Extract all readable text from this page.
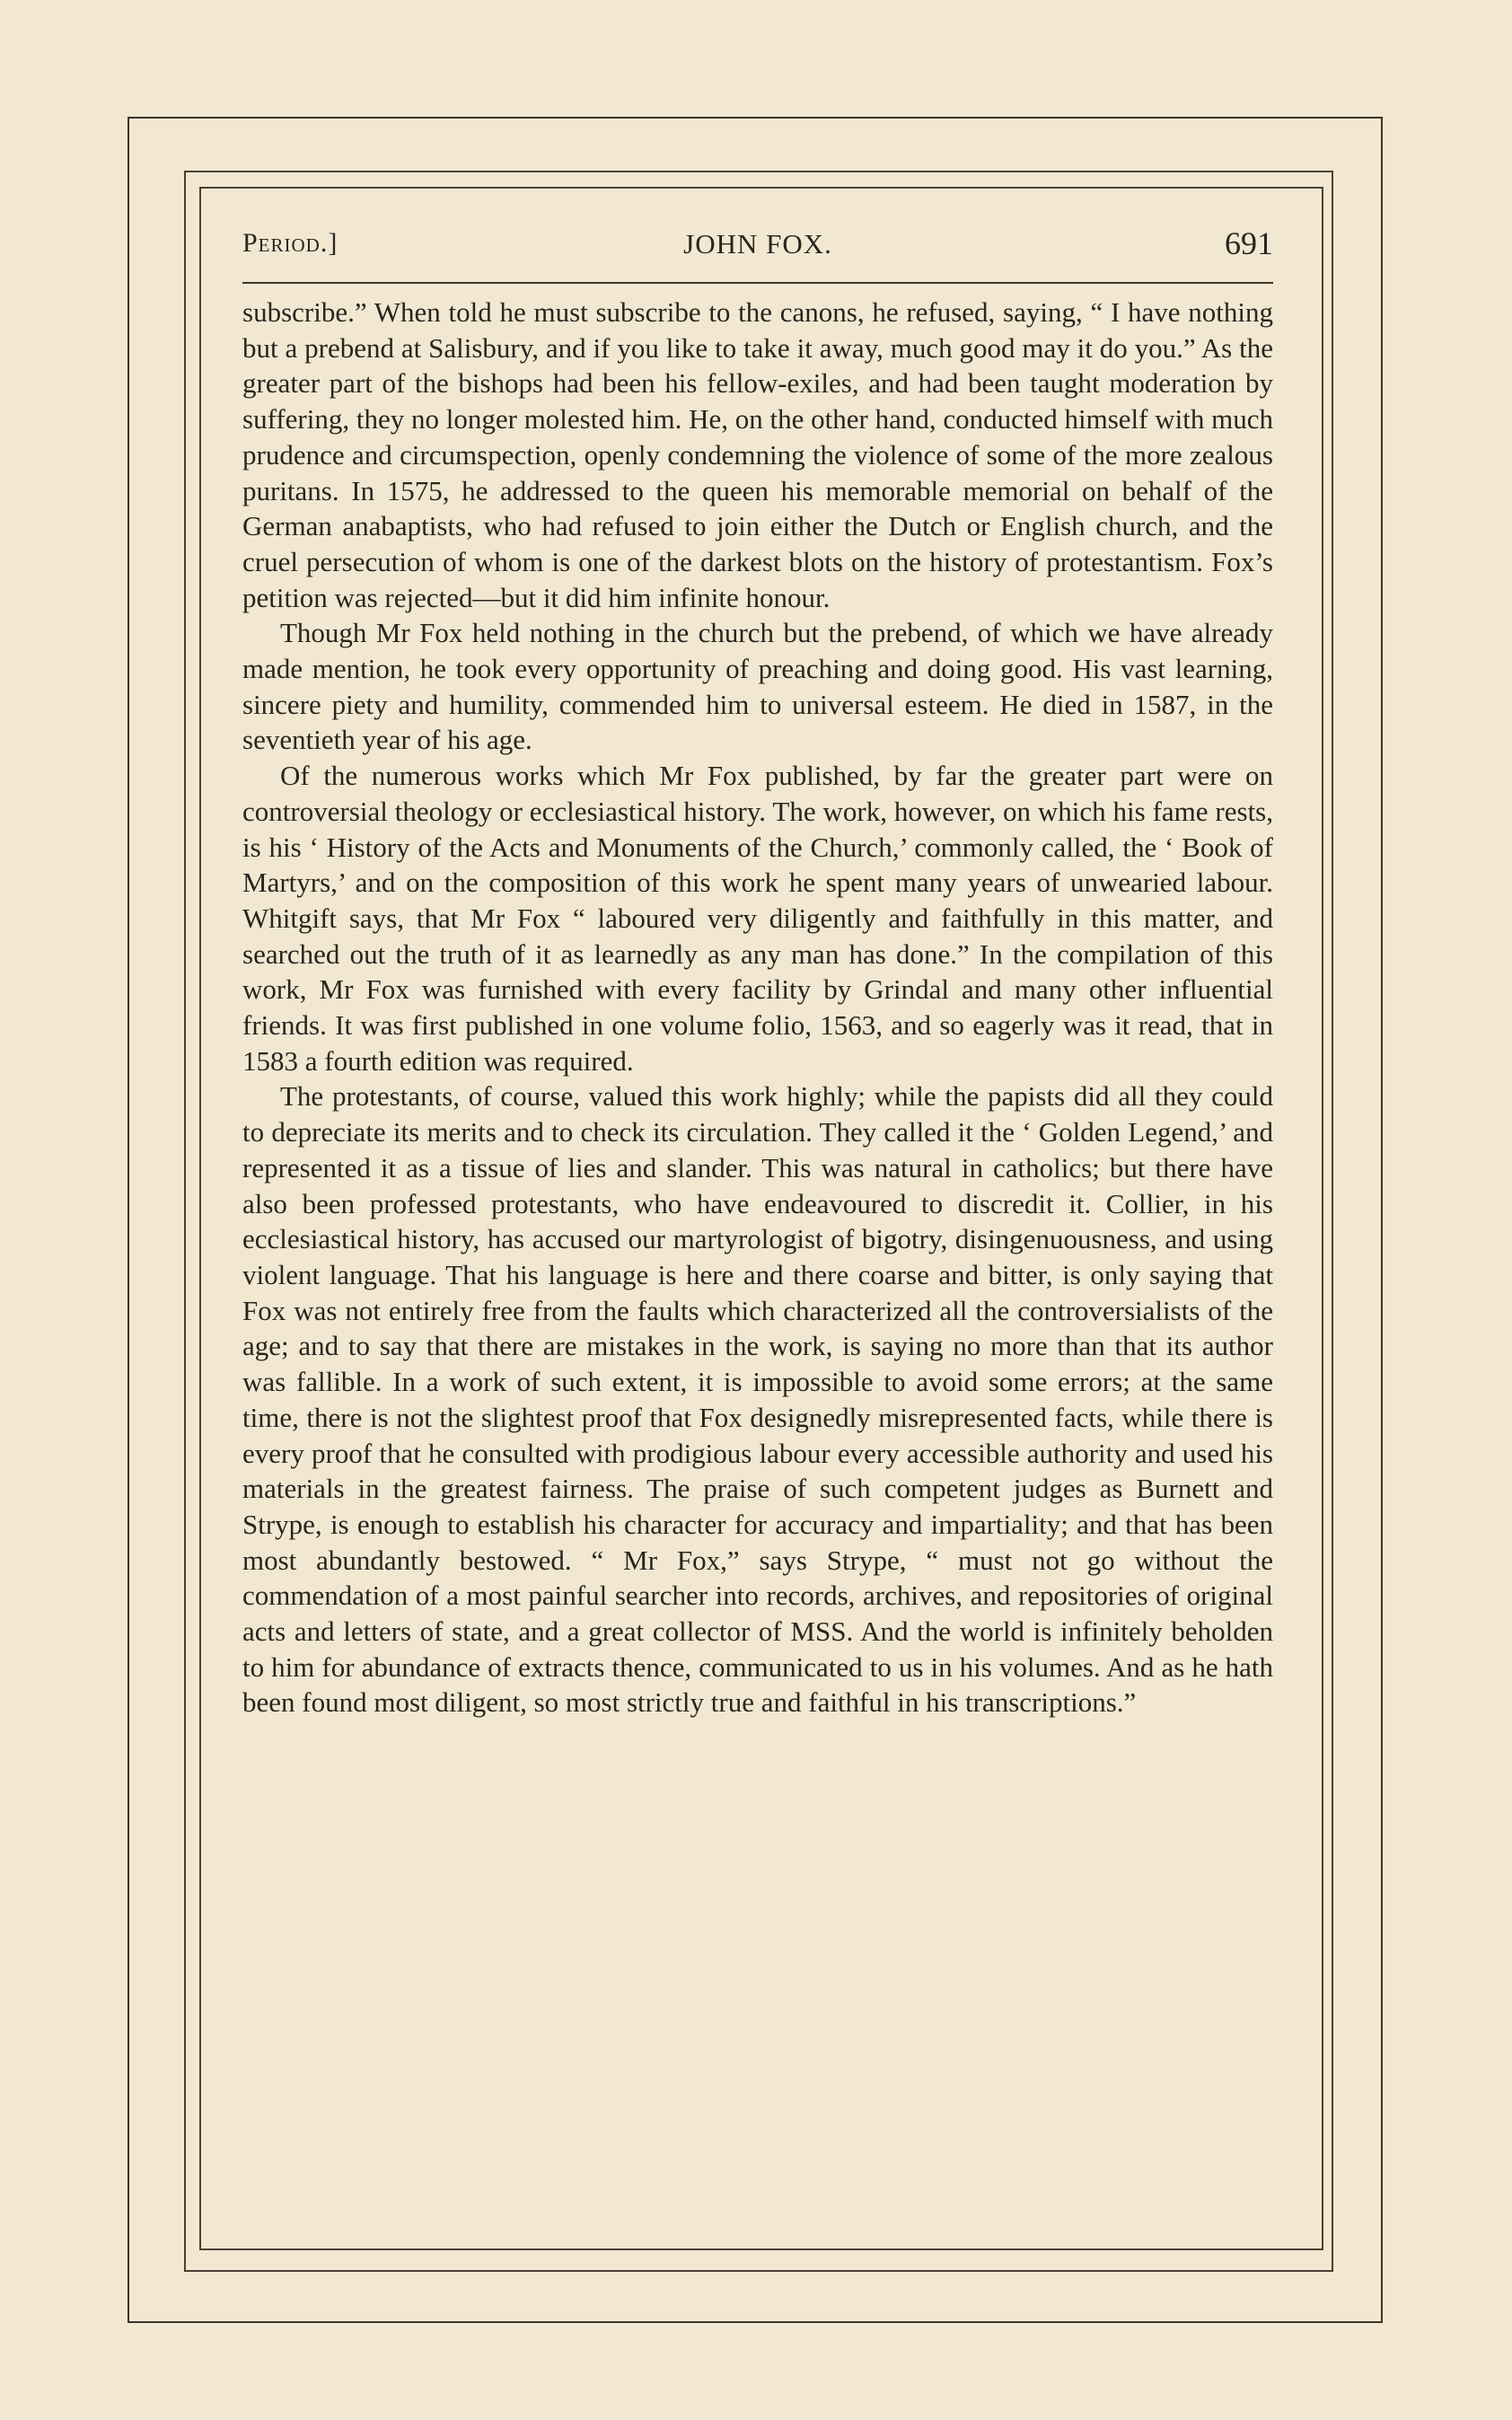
Period.]	JOHN FOX.	691

subscribe.” When told he must subscribe to the canons, he refused, saying, “ I have nothing but a prebend at Salisbury, and if you like to take it away, much good may it do you.” As the greater part of the bishops had been his fellow-exiles, and had been taught moderation by suffering, they no longer molested him. He, on the other hand, conducted himself with much prudence and circumspection, openly condemning the violence of some of the more zealous puritans. In 1575, he addressed to the queen his memorable memorial on behalf of the German anabaptists, who had refused to join either the Dutch or English church, and the cruel persecution of whom is one of the darkest blots on the history of protestantism. Fox’s petition was rejected—but it did him infinite honour.

Though Mr Fox held nothing in the church but the prebend, of which we have already made mention, he took every opportunity of preaching and doing good. His vast learning, sincere piety and humility, commended him to universal esteem. He died in 1587, in the seventieth year of his age.

Of the numerous works which Mr Fox published, by far the greater part were on controversial theology or ecclesiastical history. The work, however, on which his fame rests, is his ‘ History of the Acts and Monuments of the Church,’ commonly called, the ‘ Book of Martyrs,’ and on the composition of this work he spent many years of unwearied labour. Whitgift says, that Mr Fox “ laboured very diligently and faithfully in this matter, and searched out the truth of it as learnedly as any man has done.” In the compilation of this work, Mr Fox was furnished with every facility by Grindal and many other influential friends. It was first published in one volume folio, 1563, and so eagerly was it read, that in 1583 a fourth edition was required.

The protestants, of course, valued this work highly; while the papists did all they could to depreciate its merits and to check its circulation. They called it the ‘ Golden Legend,’ and represented it as a tissue of lies and slander. This was natural in catholics; but there have also been professed protestants, who have endeavoured to discredit it. Collier, in his ecclesiastical history, has accused our martyrologist of bigotry, disingenuousness, and using violent language. That his language is here and there coarse and bitter, is only saying that Fox was not entirely free from the faults which characterized all the controversialists of the age; and to say that there are mistakes in the work, is saying no more than that its author was fallible. In a work of such extent, it is impossible to avoid some errors; at the same time, there is not the slightest proof that Fox designedly misrepresented facts, while there is every proof that he consulted with prodigious labour every accessible authority and used his materials in the greatest fairness. The praise of such competent judges as Burnett and Strype, is enough to establish his character for accuracy and impartiality; and that has been most abundantly bestowed. “ Mr Fox,” says Strype, “ must not go without the commendation of a most painful searcher into records, archives, and repositories of original acts and letters of state, and a great collector of MSS. And the world is infinitely beholden to him for abundance of extracts thence, communicated to us in his volumes. And as he hath been found most diligent, so most strictly true and faithful in his transcriptions.”
